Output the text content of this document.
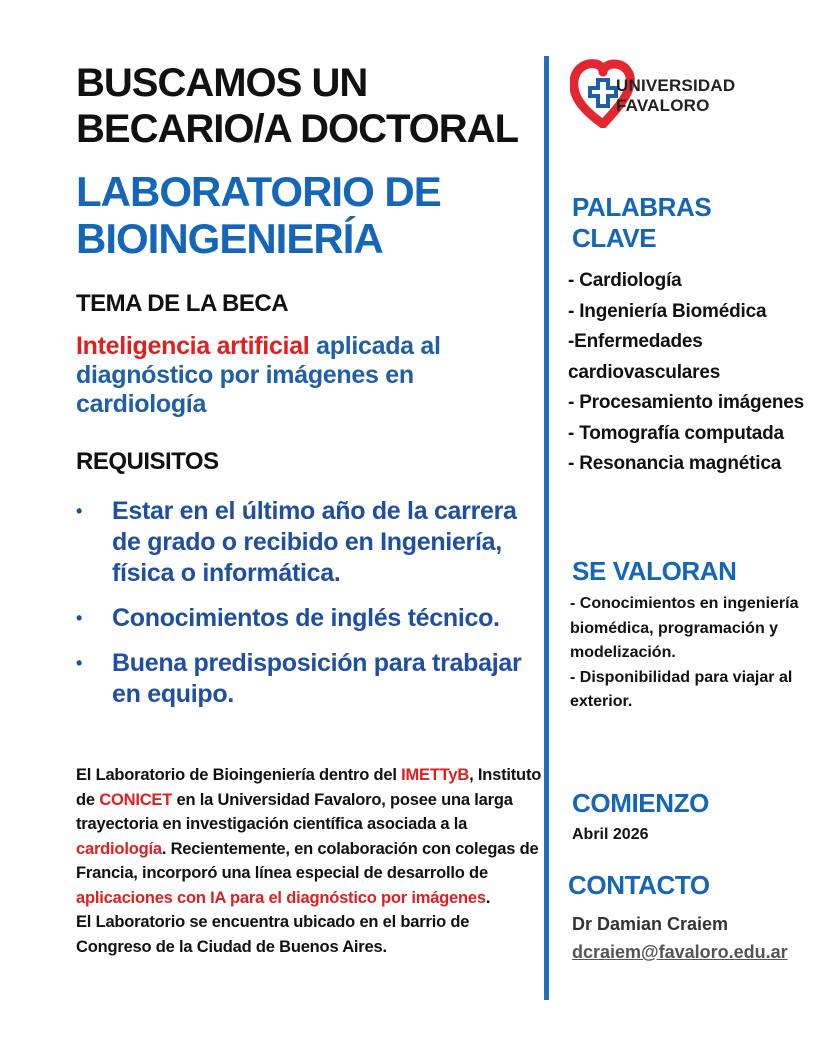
BUSCAMOS UN
BECARIO/A DOCTORAL
LABORATORIO DE
BIOINGENIERÍA
TEMA DE LA BECA
Inteligencia artificial aplicada al diagnóstico por imágenes en cardiología
REQUISITOS
• Estar en el último año de la carrera de grado o recibido en Ingeniería, física o informática.
• Conocimientos de inglés técnico.
• Buena predisposición para trabajar en equipo.
El Laboratorio de Bioingeniería dentro del IMETTyB, Instituto de CONICET en la Universidad Favaloro, posee una larga trayectoria en investigación científica asociada a la cardiología. Recientemente, en colaboración con colegas de Francia, incorporó una línea especial de desarrollo de aplicaciones con IA para el diagnóstico por imágenes.
El Laboratorio se encuentra ubicado en el barrio de Congreso de la Ciudad de Buenos Aires.
UNIVERSIDAD
FAVALORO
PALABRAS
CLAVE
- Cardiología
- Ingeniería Biomédica
-Enfermedades cardiovasculares
- Procesamiento imágenes
- Tomografía computada
- Resonancia magnética
SE VALORAN
- Conocimientos en ingeniería biomédica, programación y modelización.
- Disponibilidad para viajar al exterior.
COMIENZO
Abril 2026
CONTACTO
Dr Damian Craiem
dcraiem@favaloro.edu.ar
